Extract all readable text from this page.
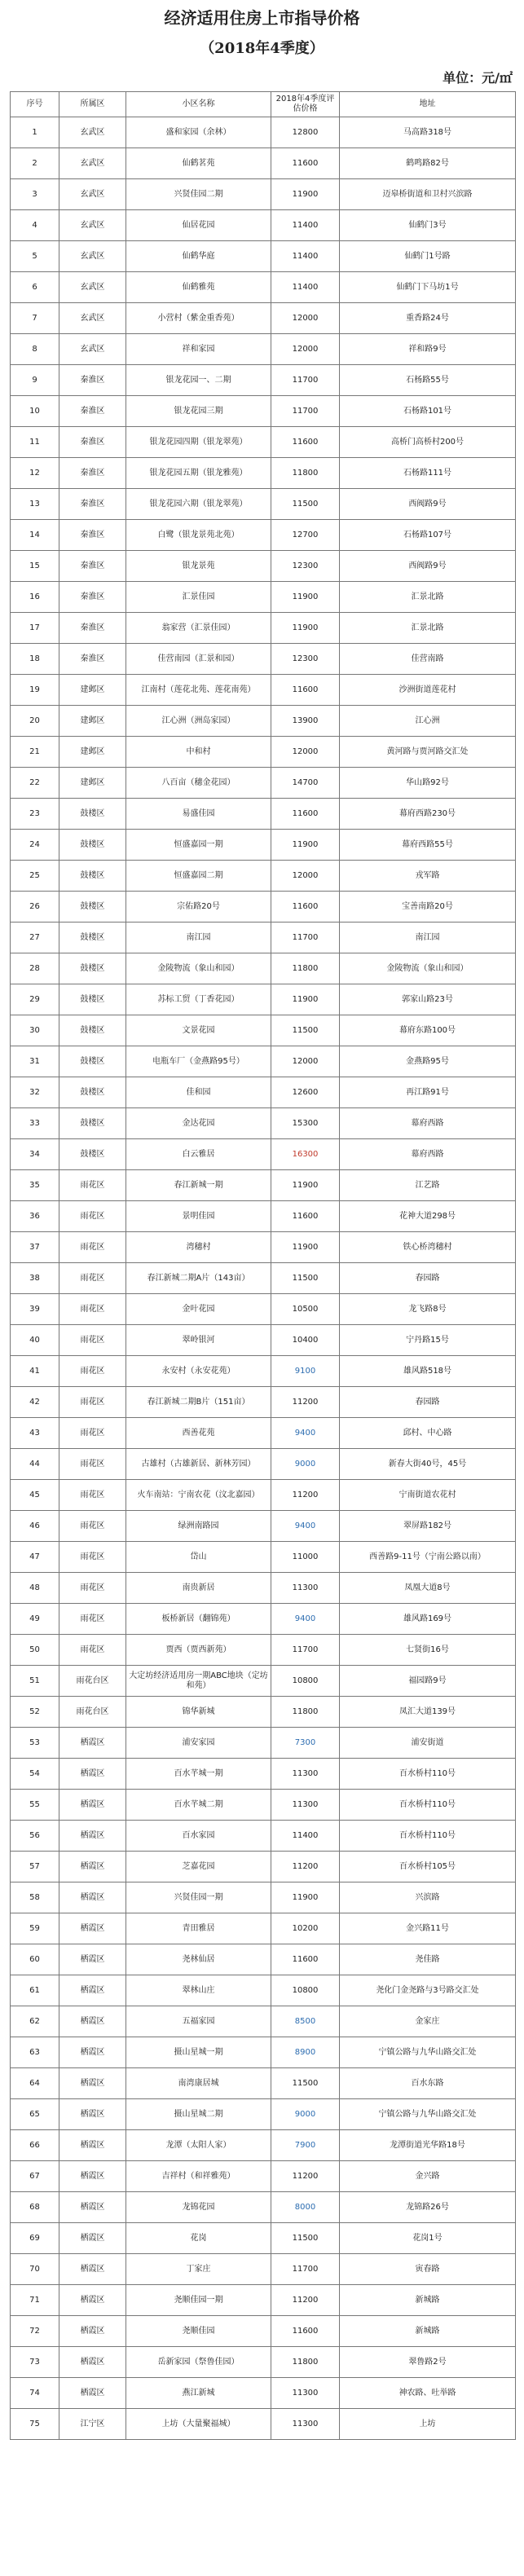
经济适用住房上市指导价格
（2018年4季度）
单位：元/㎡
序号	所属区	小区名称	2018年4季度评估价格	地址
1	玄武区	盛和家园（余林）	12800	马高路318号
2	玄武区	仙鹤茗苑	11600	鹤鸣路82号
3	玄武区	兴贤佳园二期	11900	迈皋桥街道和卫村兴滨路
4	玄武区	仙居花园	11400	仙鹤门3号
5	玄武区	仙鹤华庭	11400	仙鹤门1号路
6	玄武区	仙鹤雅苑	11400	仙鹤门下马坊1号
7	玄武区	小营村（紫金重香苑）	12000	重香路24号
8	玄武区	祥和家园	12000	祥和路9号
9	秦淮区	银龙花园一、二期	11700	石杨路55号
10	秦淮区	银龙花园三期	11700	石杨路101号
11	秦淮区	银龙花园四期（银龙翠苑）	11600	高桥门高桥村200号
12	秦淮区	银龙花园五期（银龙雅苑）	11800	石杨路111号
13	秦淮区	银龙花园六期（银龙翠苑）	11500	西阀路9号
14	秦淮区	白鹭（银龙景苑北苑）	12700	石杨路107号
15	秦淮区	银龙景苑	12300	西阀路9号
16	秦淮区	汇景佳园	11900	汇景北路
17	秦淮区	翁家营（汇景佳园）	11900	汇景北路
18	秦淮区	佳营南园（汇景和园）	12300	佳营南路
19	建邺区	江南村（莲花北苑、莲花南苑）	11600	沙洲街道莲花村
20	建邺区	江心洲（洲岛家园）	13900	江心洲
21	建邺区	中和村	12000	黄河路与贾河路交汇处
22	建邺区	八百亩（穗金花园）	14700	华山路92号
23	鼓楼区	易盛佳园	11600	幕府西路230号
24	鼓楼区	恒盛嘉园一期	11900	幕府西路55号
25	鼓楼区	恒盛嘉园二期	12000	戎军路
26	鼓楼区	宗佑路20号	11600	宝善南路20号
27	鼓楼区	南江园	11700	南江园
28	鼓楼区	金陵物流（象山和园）	11800	金陵物流（象山和园）
29	鼓楼区	苏标工贸（丁香花园）	11900	郭家山路23号
30	鼓楼区	文景花园	11500	幕府东路100号
31	鼓楼区	电瓶车厂（金燕路95号）	12000	金燕路95号
32	鼓楼区	佳和园	12600	再江路91号
33	鼓楼区	金达花园	15300	幕府西路
34	鼓楼区	白云雅居	16300	幕府西路
35	雨花区	春江新城一期	11900	江艺路
36	雨花区	景明佳园	11600	花神大道298号
37	雨花区	湾穗村	11900	铁心桥湾穗村
38	雨花区	春江新城二期A片（143亩）	11500	春园路
39	雨花区	金叶花园	10500	龙飞路8号
40	雨花区	翠岭银河	10400	宁丹路15号
41	雨花区	永安村（永安花苑）	9100	雄风路518号
42	雨花区	春江新城二期B片（151亩）	11200	春园路
43	雨花区	西善花苑	9400	邱村、中心路
44	雨花区	古雄村（古雄新居、新林芳园）	9000	新春大街40号，45号
45	雨花区	火车南站：宁南农花（汶北嘉园）	11200	宁南街道农花村
46	雨花区	绿洲南路园	9400	翠屏路182号
47	雨花区	岱山	11000	西善路9-11号（宁南公路以南）
48	雨花区	南贵新居	11300	凤凰大道8号
49	雨花区	板桥新居（翻锦苑）	9400	雄风路169号
50	雨花区	贾西（贾西新苑）	11700	七贤街16号
51	雨花台区	大定坊经济适用房一期ABC地块（定坊和苑）	10800	福园路9号
52	雨花台区	锦华新城	11800	凤汇大道139号
53	栖霞区	浦安家园	7300	浦安街道
54	栖霞区	百水芊城一期	11300	百水桥村110号
55	栖霞区	百水芊城二期	11300	百水桥村110号
56	栖霞区	百水家园	11400	百水桥村110号
57	栖霞区	芝嘉花园	11200	百水桥村105号
58	栖霞区	兴贤佳园一期	11900	兴滨路
59	栖霞区	青田雅居	10200	金兴路11号
60	栖霞区	尧林仙居	11600	尧佳路
61	栖霞区	翠林山庄	10800	尧化门金尧路与3号路交汇处
62	栖霞区	五福家园	8500	金家庄
63	栖霞区	摄山星城一期	8900	宁镇公路与九华山路交汇处
64	栖霞区	南湾康居城	11500	百水东路
65	栖霞区	摄山星城二期	9000	宁镇公路与九华山路交汇处
66	栖霞区	龙潭（太阳人家）	7900	龙潭街道光华路18号
67	栖霞区	吉祥村（和祥雅苑）	11200	金兴路
68	栖霞区	龙锦花园	8000	龙锦路26号
69	栖霞区	花岗	11500	花岗1号
70	栖霞区	丁家庄	11700	寅春路
71	栖霞区	尧顺佳园一期	11200	新城路
72	栖霞区	尧顺佳园	11600	新城路
73	栖霞区	岳新家园（祭鲁佳园）	11800	翠鲁路2号
74	栖霞区	燕江新城	11300	神农路、吐举路
75	江宁区	上坊（大量聚福城）	11300	上坊
